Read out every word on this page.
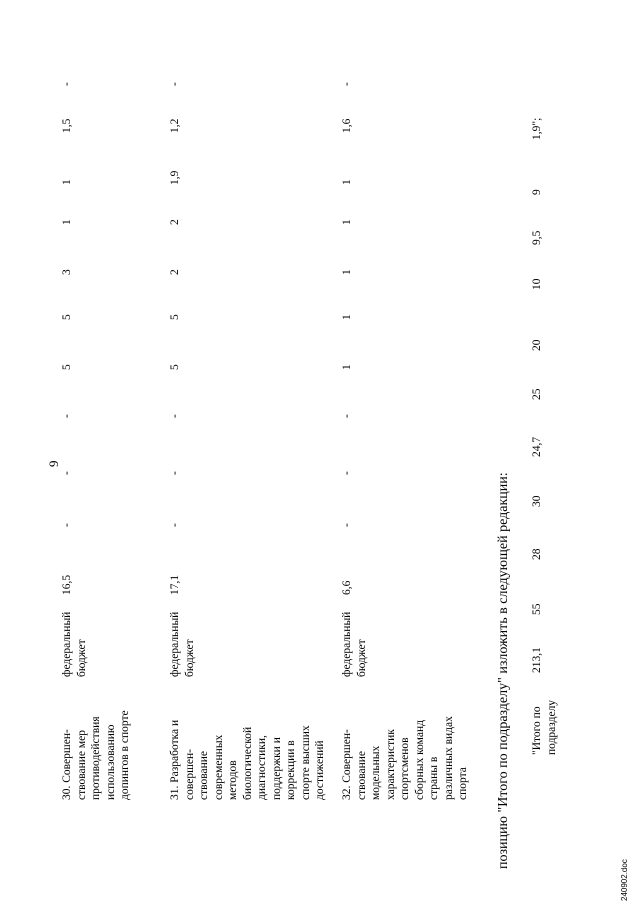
9
30. Совершен-
ствование мер
противодействия
использованию
допингов в спорте
федеральный
бюджет
16,5
-
-
-
5
5
3
1
1
1,5
-
31. Разработка и
совершен-
ствование
современных
методов
биологической
диагностики,
поддержки и
коррекции в
спорте высших
достижений
федеральный
бюджет
17,1
-
-
-
5
5
2
2
1,9
1,2
-
32. Совершен-
ствование
модельных
характеристик
спортсменов
сборных команд
страны в
различных видах
спорта
федеральный
бюджет
6,6
-
-
-
1
1
1
1
1
1,6
-
позицию "Итого по подразделу" изложить в следующей редакции: "Итого по
подразделу
213,1
55
28
30
24,7
25
20
10
9,5
9
1,9";
240902.doc
